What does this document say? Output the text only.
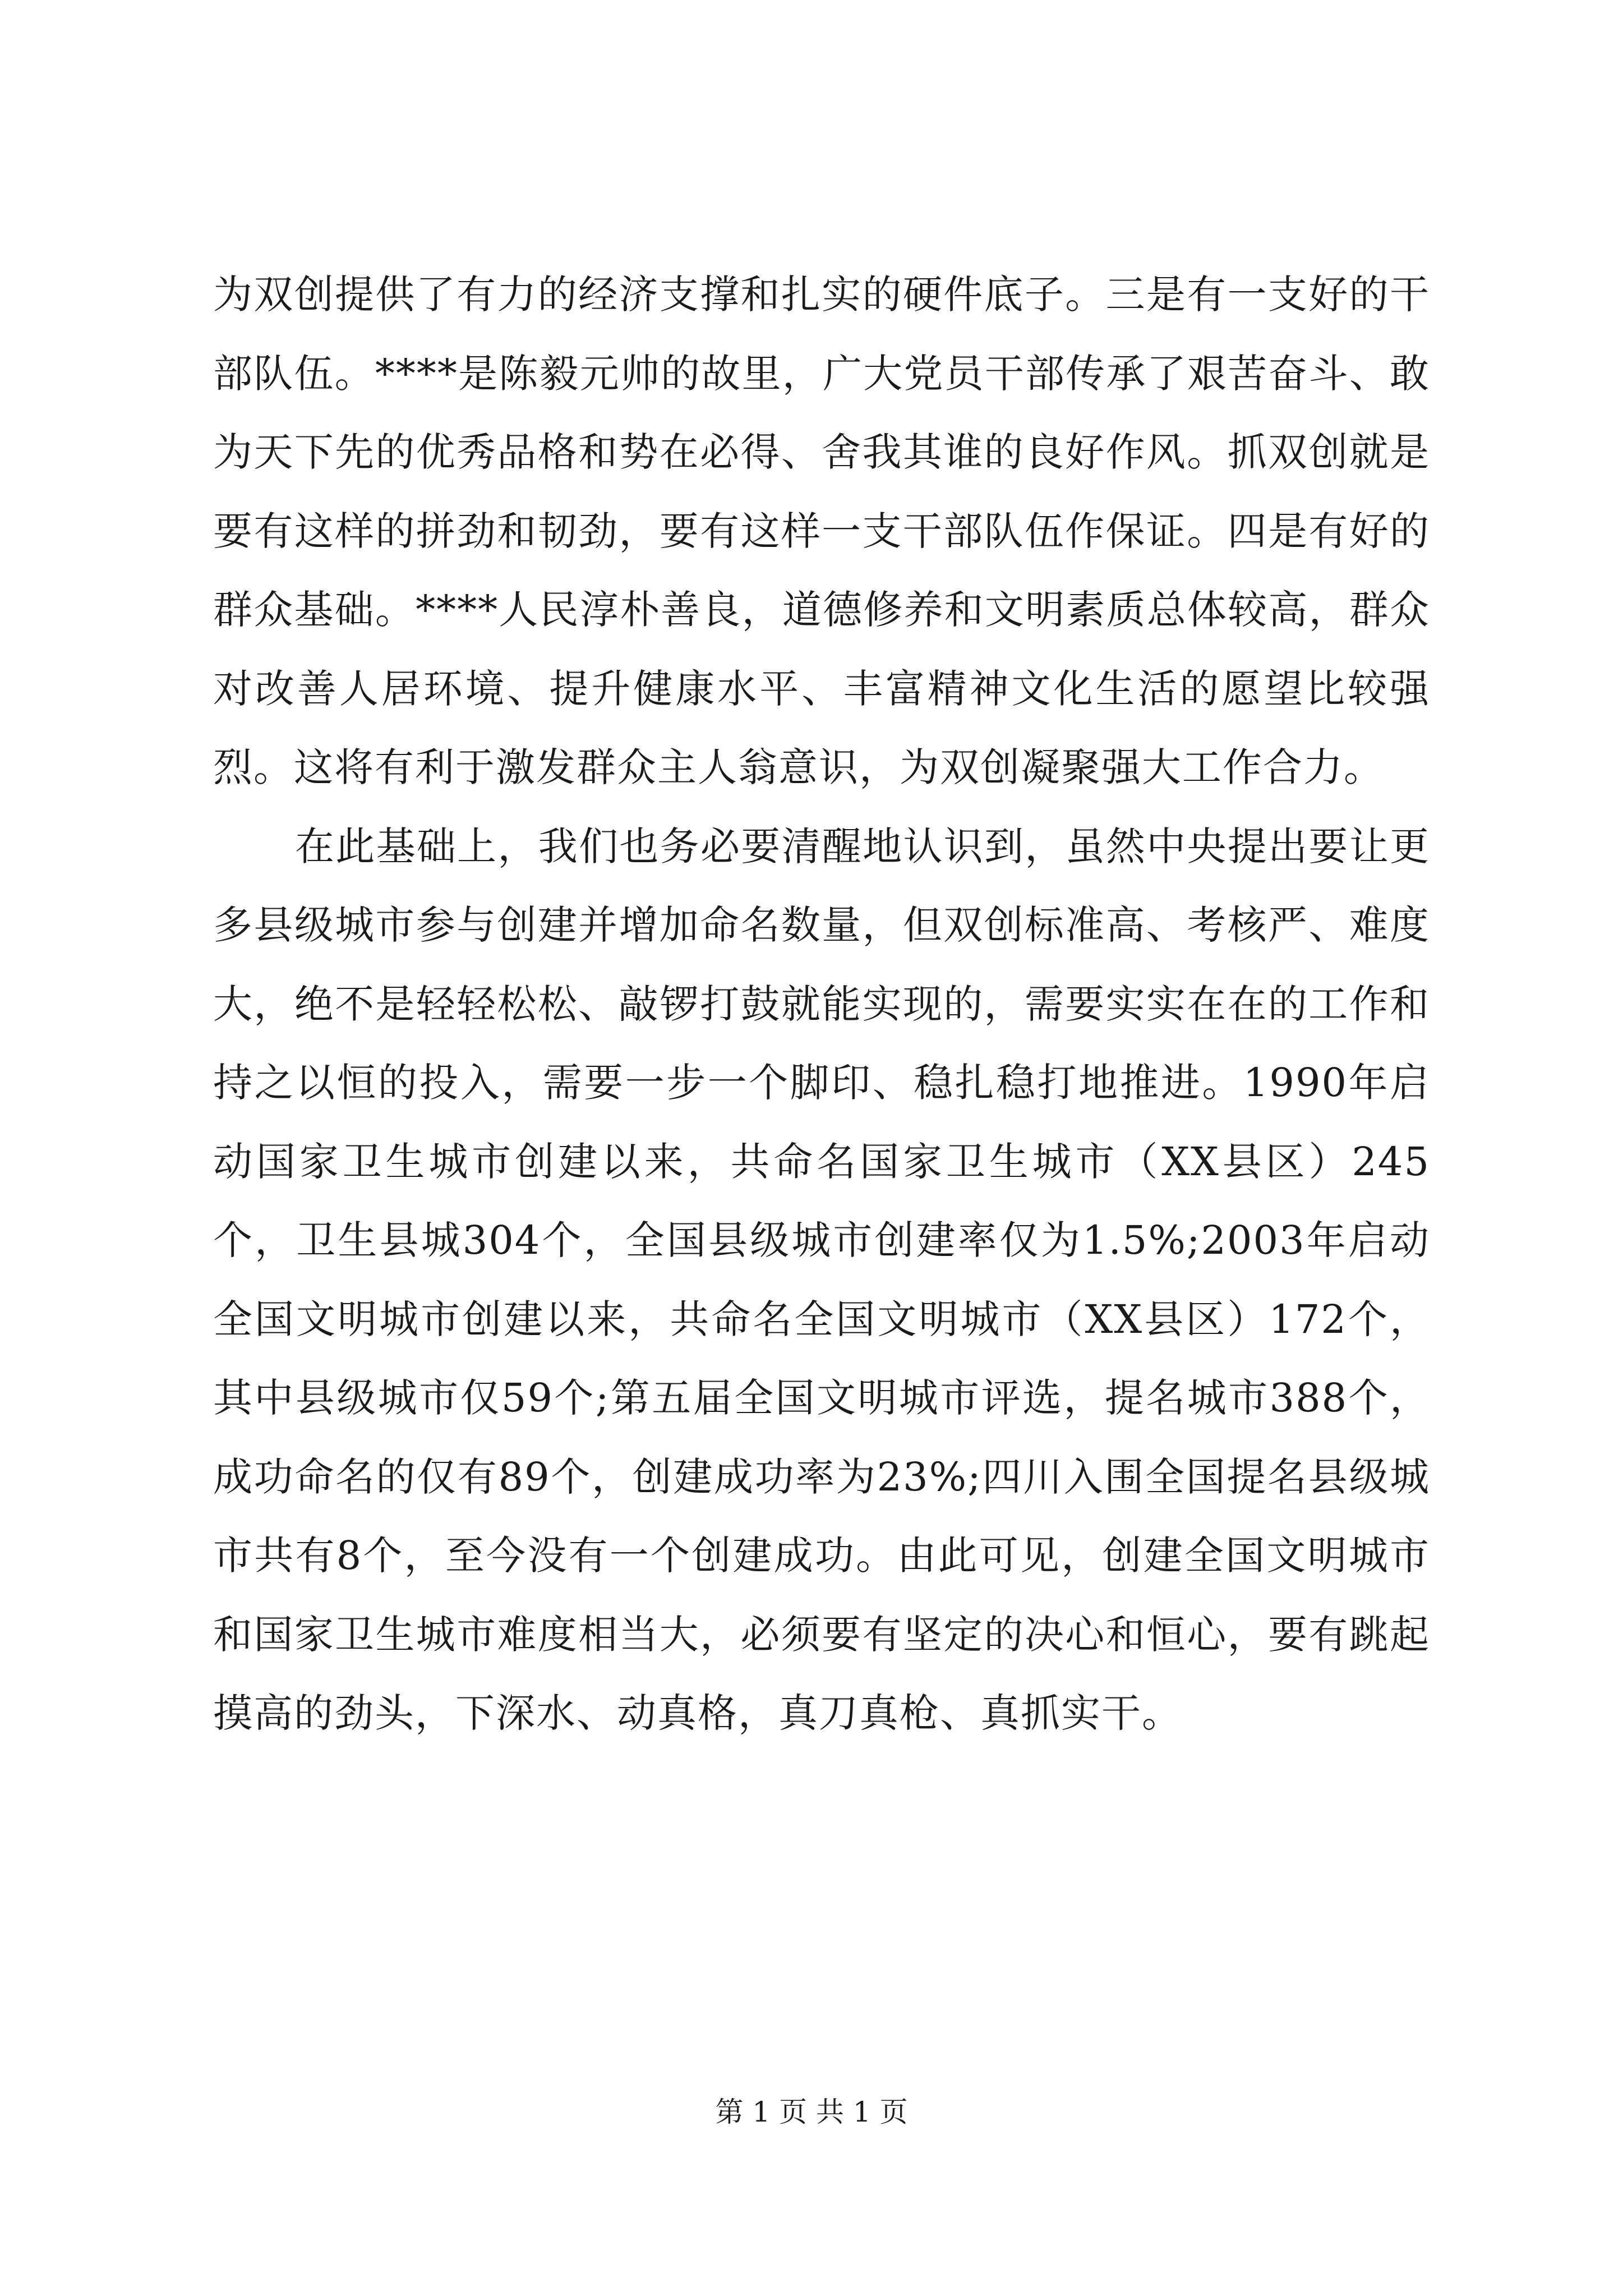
为双创提供了有力的经济支撑和扎实的硬件底子。三是有一支好的干部队伍。****是陈毅元帅的故里，广大党员干部传承了艰苦奋斗、敢为天下先的优秀品格和势在必得、舍我其谁的良好作风。抓双创就是要有这样的拼劲和韧劲，要有这样一支干部队伍作保证。四是有好的群众基础。****人民淳朴善良，道德修养和文明素质总体较高，群众对改善人居环境、提升健康水平、丰富精神文化生活的愿望比较强烈。这将有利于激发群众主人翁意识，为双创凝聚强大工作合力。

在此基础上，我们也务必要清醒地认识到，虽然中央提出要让更多县级城市参与创建并增加命名数量，但双创标准高、考核严、难度大，绝不是轻轻松松、敲锣打鼓就能实现的，需要实实在在的工作和持之以恒的投入，需要一步一个脚印、稳扎稳打地推进。1990年启动国家卫生城市创建以来，共命名国家卫生城市（XX县区）245个，卫生县城304个，全国县级城市创建率仅为1.5%;2003年启动全国文明城市创建以来，共命名全国文明城市（XX县区）172个，其中县级城市仅59个;第五届全国文明城市评选，提名城市388个，成功命名的仅有89个，创建成功率为23%;四川入围全国提名县级城市共有8个，至今没有一个创建成功。由此可见，创建全国文明城市和国家卫生城市难度相当大，必须要有坚定的决心和恒心，要有跳起摸高的劲头，下深水、动真格，真刀真枪、真抓实干。

第 1 页 共 1 页
